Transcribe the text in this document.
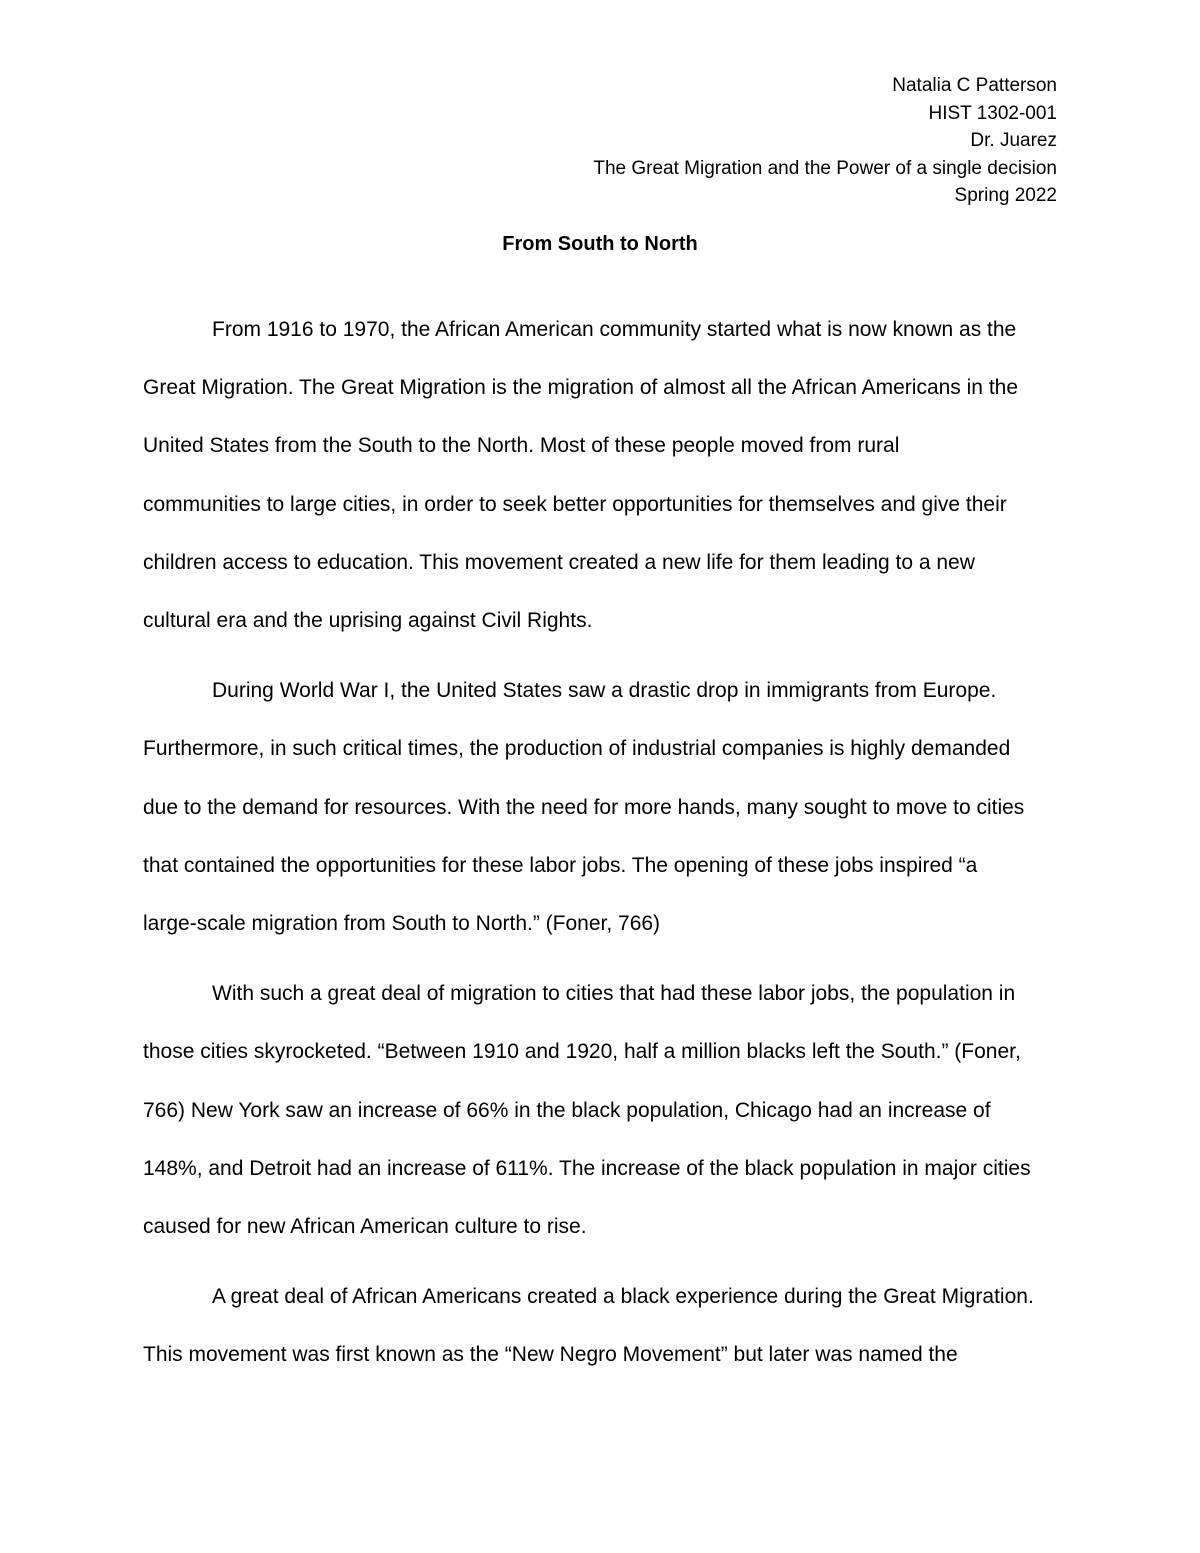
Natalia C Patterson
HIST 1302-001
Dr. Juarez
The Great Migration and the Power of a single decision
Spring 2022
From South to North

From 1916 to 1970, the African American community started what is now known as the
Great Migration. The Great Migration is the migration of almost all the African Americans in the
United States from the South to the North. Most of these people moved from rural
communities to large cities, in order to seek better opportunities for themselves and give their
children access to education. This movement created a new life for them leading to a new
cultural era and the uprising against Civil Rights.

During World War I, the United States saw a drastic drop in immigrants from Europe.
Furthermore, in such critical times, the production of industrial companies is highly demanded
due to the demand for resources. With the need for more hands, many sought to move to cities
that contained the opportunities for these labor jobs. The opening of these jobs inspired “a
large-scale migration from South to North.” (Foner, 766)

With such a great deal of migration to cities that had these labor jobs, the population in
those cities skyrocketed. “Between 1910 and 1920, half a million blacks left the South.” (Foner,
766) New York saw an increase of 66% in the black population, Chicago had an increase of
148%, and Detroit had an increase of 611%. The increase of the black population in major cities
caused for new African American culture to rise.

A great deal of African Americans created a black experience during the Great Migration.
This movement was first known as the “New Negro Movement” but later was named the
